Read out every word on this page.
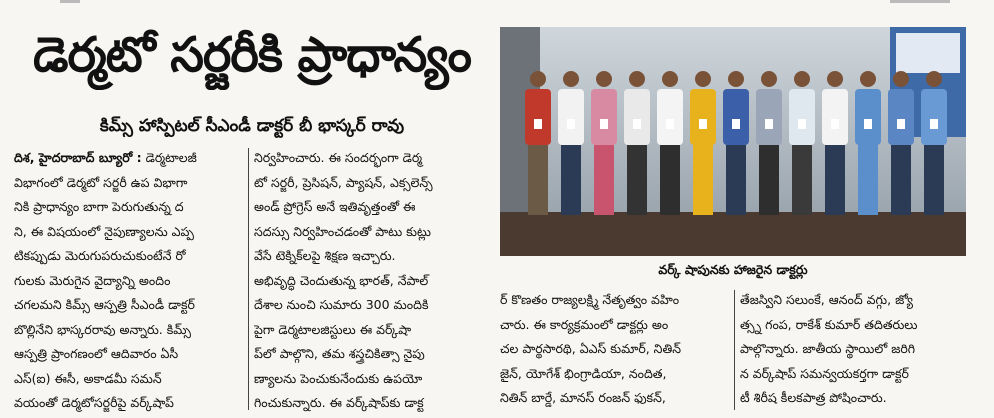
డెర్మటో సర్జరీకి ప్రాధాన్యం
కిమ్స్ హాస్పిటల్ సీఎండీ డాక్టర్ బీ భాస్కర్ రావు
దిశ, హైదరాబాద్ బ్యూరో : డెర్మటాలజీ
విభాగంలో డెర్మటో సర్జరీ ఉప విభాగా
నికి ప్రాధాన్యం బాగా పెరుగుతున్న ద
ని, ఈ విషయంలో నైపుణ్యాలను ఎప్ప
టికప్పుడు మెరుగుపరుచుకుంటేనే రో
గులకు మెరుగైన వైద్యాన్ని అందిం
చగలమని కిమ్స్ ఆస్పత్రి సీఎండీ డాక్టర్
బొల్లినేని భాస్కరరావు అన్నారు. కిమ్స్
ఆస్పత్రి ప్రాంగణంలో ఆదివారం ఏసీ
ఎస్(ఐ) ఈసీ, అకాడమీ సమన్
వయంతో డెర్మటోసర్జరీపై వర్క్‌షాప్
నిర్వహించారు. ఈ సందర్భంగా డెర్మ
టో సర్జరీ, ప్రెసిషన్, ప్యాషన్, ఎక్సలెన్స్
అండ్ ప్రోగ్రెస్ అనే ఇతివృత్తంతో ఈ
సదస్సు నిర్వహించడంతో పాటు కుట్లు
వేసే టెక్నిక్‌లపై శిక్షణ ఇచ్చారు.
అభివృద్ధి చెందుతున్న భారత్, నేపాల్
దేశాల నుంచి సుమారు 300 మందికి
పైగా డెర్మటాలజిస్టులు ఈ వర్క్‌షా
ప్‌లో పాల్గొని, తమ శస్త్రచికిత్సా నైపు
ణ్యాలను పెంచుకునేందుకు ఉపయో
గించుకున్నారు. ఈ వర్క్‌షాప్‌కు డాక్ట
వర్క్ షాపునకు హాజరైన డాక్టర్లు
ర్ కొణతం రాజ్యలక్ష్మి నేతృత్వం వహిం
చారు. ఈ కార్యక్రమంలో డాక్టర్లు అం
చల పార్థసారథి, ఏఎస్ కుమార్, నితిన్
జైన్, యోగేశ్ భింగ్రాడియా, నందిత,
నితిన్ బార్డే, మానస్ రంజన్ ఫుకన్,
తేజస్విని సలుంకే, ఆనంద్ వగ్గు, జ్యో
త్స్న గంప, రాకేశ్ కుమార్ తదితరులు
పాల్గొన్నారు. జాతీయ స్థాయిలో జరిగి
న వర్క్‌షాప్ సమన్వయకర్తగా డాక్టర్
టీ శిరీష కీలకపాత్ర పోషించారు.
